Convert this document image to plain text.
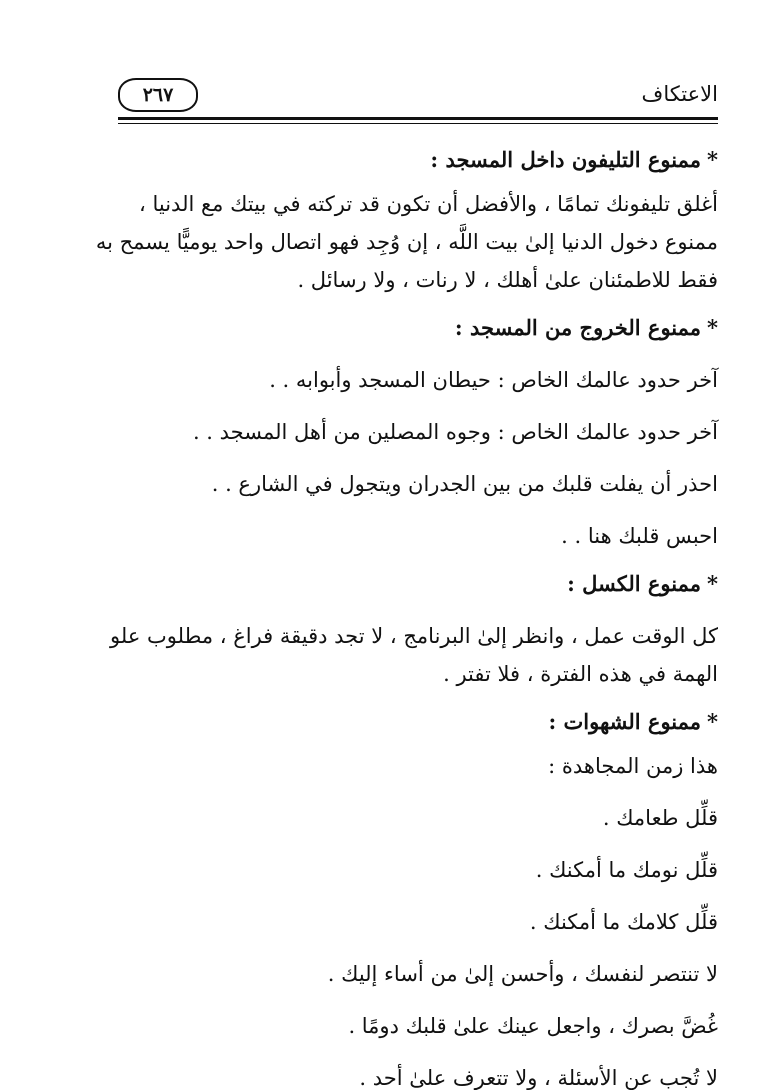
الاعتكاف
٢٦٧

*ممنوع التليفون داخل المسجد :

أغلق تليفونك تمامًا ، والأفضل أن تكون قد تركته في بيتك مع الدنيا ،

ممنوع دخول الدنيا إلىٰ بيت اللَّه ، إن وُجِد فهو اتصال واحد يوميًّا يسمح به

فقط للاطمئنان علىٰ أهلك ، لا رنات ، ولا رسائل .

*ممنوع الخروج من المسجد :

آخر حدود عالمك الخاص : حيطان المسجد وأبوابه . .

آخر حدود عالمك الخاص : وجوه المصلين من أهل المسجد . .

احذر أن يفلت قلبك من بين الجدران ويتجول في الشارع . .

احبس قلبك هنا . .

*ممنوع الكسل :

كل الوقت عمل ، وانظر إلىٰ البرنامج ، لا تجد دقيقة فراغ ، مطلوب علو

الهمة في هذه الفترة ، فلا تفتر .

*ممنوع الشهوات :

هذا زمن المجاهدة :

قلِّل طعامك .

قلِّل نومك ما أمكنك .

قلِّل كلامك ما أمكنك .

لا تنتصر لنفسك ، وأحسن إلىٰ من أساء إليك .

غُضَّ بصرك ، واجعل عينك علىٰ قلبك دومًا .

لا تُجب عن الأسئلة ، ولا تتعرف علىٰ أحد .
